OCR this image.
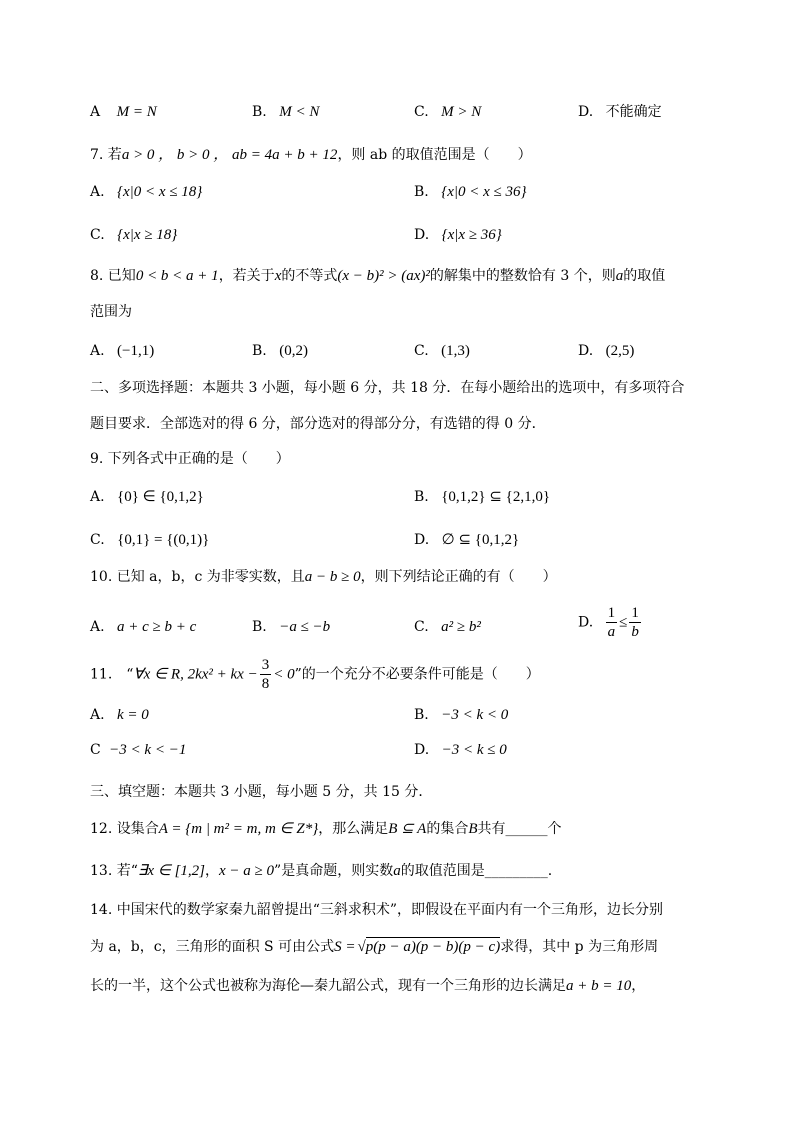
A M = N	B. M < N	C. M > N	D. 不能确定
7. 若a > 0 ， b > 0 ， ab = 4a + b + 12，则 ab 的取值范围是（　　）
A. {x|0 < x ≤ 18}	B. {x|0 < x ≤ 36}
C. {x|x ≥ 18}	D. {x|x ≥ 36}
8. 已知0 < b < a + 1，若关于x的不等式(x − b)² > (ax)²的解集中的整数恰有 3 个，则a的取值
范围为
A. (−1,1)	B. (0,2)	C. (1,3)	D. (2,5)
二、多项选择题：本题共 3 小题，每小题 6 分，共 18 分．在每小题给出的选项中，有多项符合
题目要求．全部选对的得 6 分，部分选对的得部分分，有选错的得 0 分．
9. 下列各式中正确的是（　　）
A. {0} ∈ {0,1,2}	B. {0,1,2} ⊆ {2,1,0}
C. {0,1} = {(0,1)}	D. ∅ ⊆ {0,1,2}
10. 已知 a，b，c 为非零实数，且a − b ≥ 0，则下列结论正确的有（　　）
A. a + c ≥ b + c	B. −a ≤ −b	C. a² ≥ b²	D. $\frac{1}{a} \le \frac{1}{b}$
11.　“∀x ∈ R, 2kx² + kx − $\frac{3}{8} < 0$”的一个充分不必要条件可能是（　　）
A. k = 0	B. −3 < k < 0
C −3 < k < −1	D. −3 < k ≤ 0
三、填空题：本题共 3 小题，每小题 5 分，共 15 分．
12. 设集合A = {m | m² = m, m ∈ Z*}，那么满足B ⊆ A的集合B共有______个
13. 若“∃x ∈ [1,2]，x − a ≥ 0”是真命题，则实数a的取值范围是_________.
14. 中国宋代的数学家秦九韶曾提出“三斜求积术”，即假设在平面内有一个三角形，边长分别
为 a，b，c，三角形的面积 S 可由公式S = √p(p − a)(p − b)(p − c)求得，其中 p 为三角形周
长的一半，这个公式也被称为海伦—秦九韶公式，现有一个三角形的边长满足a + b = 10，
